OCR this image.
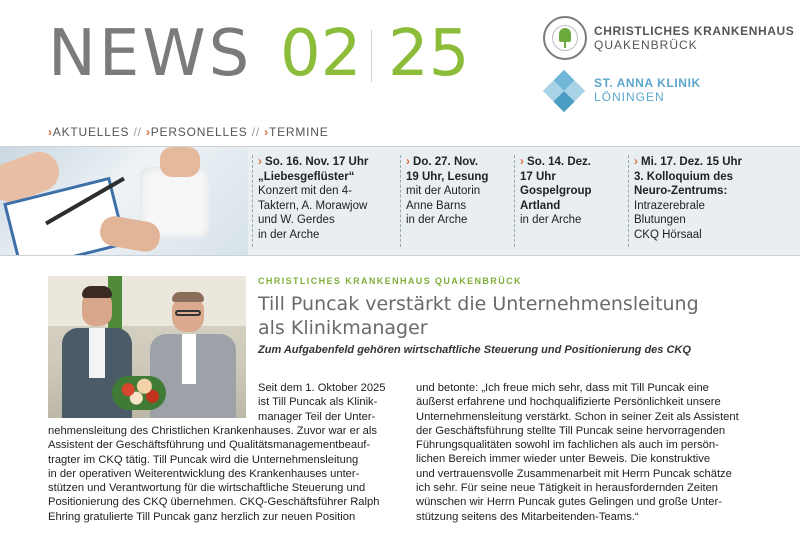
NEWS 02 25	CHRISTLICHES KRANKENHAUS
QUAKENBRÜCK
ST. ANNA KLINIK
LÖNINGEN
›AKTUELLES // ›PERSONELLES // ›TERMINE
› So. 16. Nov. 17 Uhr
„Liebesgeflüster“
Konzert mit den 4-
Taktern, A. Morawjow
und W. Gerdes
in der Arche
› Do. 27. Nov.
19 Uhr, Lesung
mit der Autorin
Anne Barns
in der Arche
› So. 14. Dez.
17 Uhr
Gospelgroup
Artland
in der Arche
› Mi. 17. Dez. 15 Uhr
3. Kolloquium des
Neuro-Zentrums:
Intrazerebrale
Blutungen
CKQ Hörsaal
CHRISTLICHES KRANKENHAUS QUAKENBRÜCK
Till Puncak verstärkt die Unternehmensleitung
als Klinikmanager
Zum Aufgabenfeld gehören wirtschaftliche Steuerung und Positionierung des CKQ
Seit dem 1. Oktober 2025
ist Till Puncak als Klinik-
manager Teil der Unter-
nehmensleitung des Christlichen Krankenhauses. Zuvor war er als
Assistent der Geschäftsführung und Qualitätsmanagementbeauf-
tragter im CKQ tätig. Till Puncak wird die Unternehmensleitung
in der operativen Weiterentwicklung des Krankenhauses unter-
stützen und Verantwortung für die wirtschaftliche Steuerung und
Positionierung des CKQ übernehmen. CKQ-Geschäftsführer Ralph
Ehring gratulierte Till Puncak ganz herzlich zur neuen Position
und betonte: „Ich freue mich sehr, dass mit Till Puncak eine
äußerst erfahrene und hochqualifizierte Persönlichkeit unsere
Unternehmensleitung verstärkt. Schon in seiner Zeit als Assistent
der Geschäftsführung stellte Till Puncak seine hervorragenden
Führungsqualitäten sowohl im fachlichen als auch im persön-
lichen Bereich immer wieder unter Beweis. Die konstruktive
und vertrauensvolle Zusammenarbeit mit Herrn Puncak schätze
ich sehr. Für seine neue Tätigkeit in herausfordernden Zeiten
wünschen wir Herrn Puncak gutes Gelingen und große Unter-
stützung seitens des Mitarbeitenden-Teams.“
